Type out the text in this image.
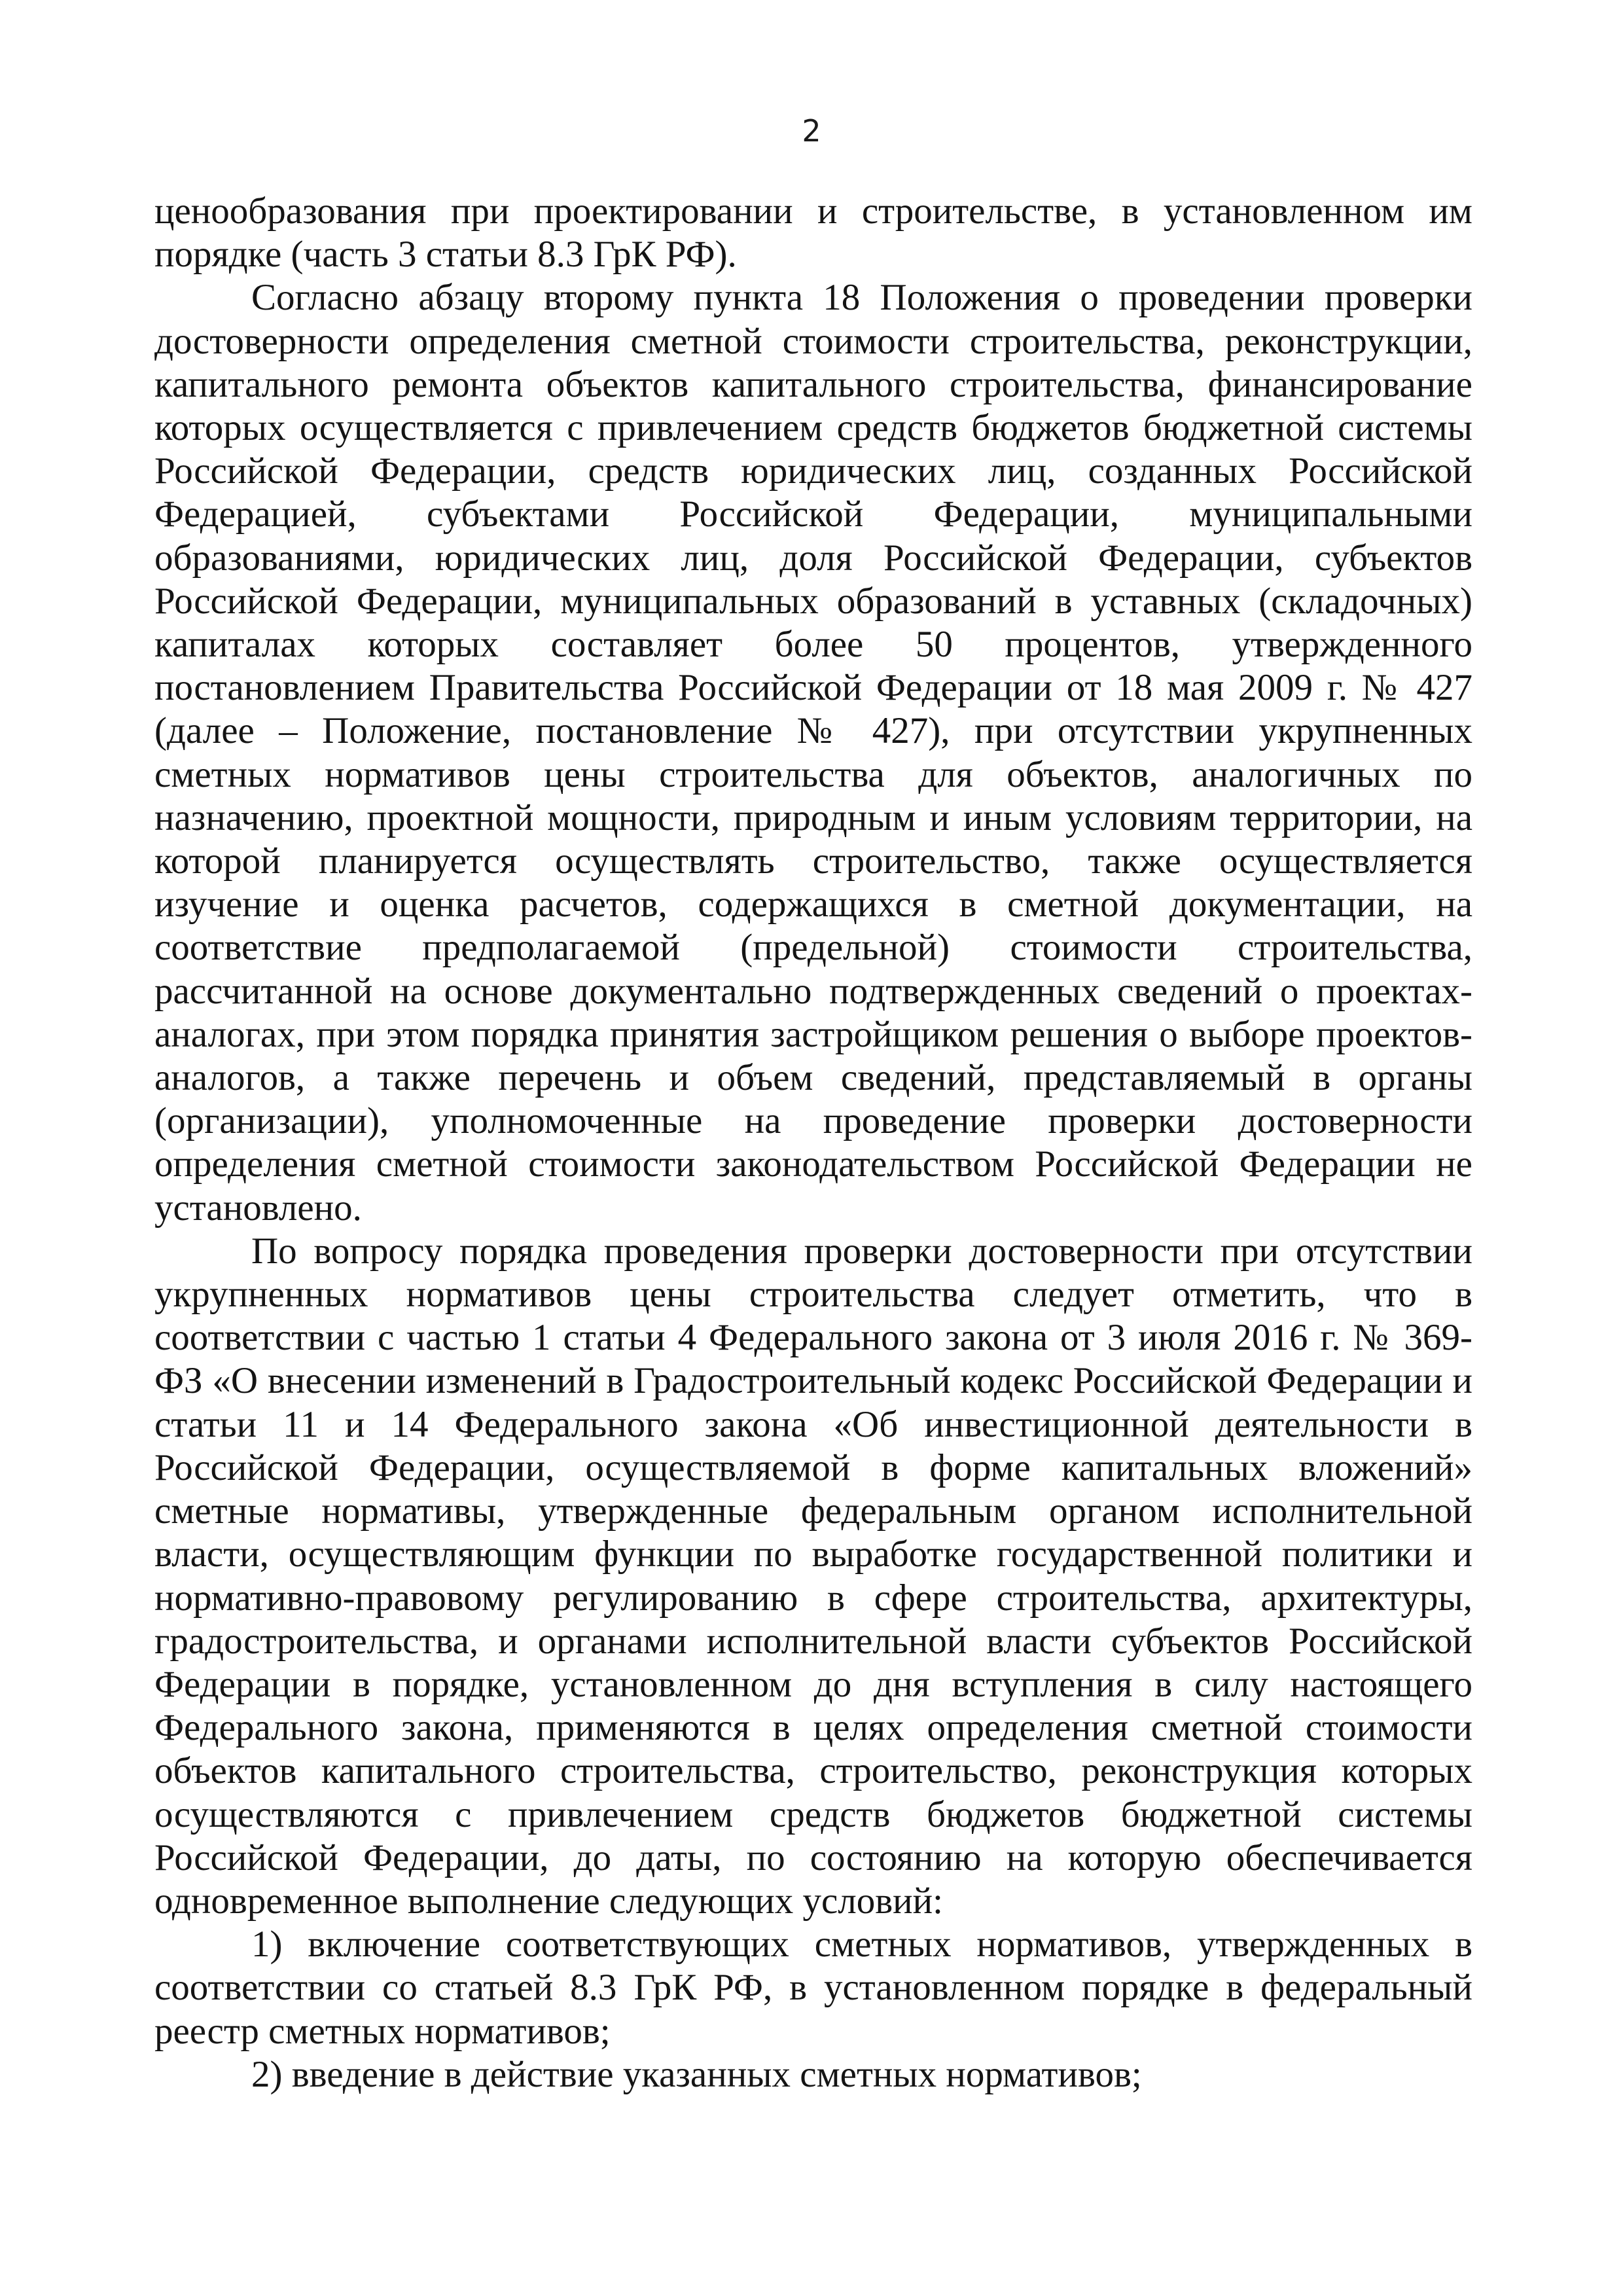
2

ценообразования при проектировании и строительстве, в установленном им порядке (часть 3 статьи 8.3 ГрК РФ).

Согласно абзацу второму пункта 18 Положения о проведении проверки достоверности определения сметной стоимости строительства, реконструкции, капитального ремонта объектов капитального строительства, финансирование которых осуществляется с привлечением средств бюджетов бюджетной системы Российской Федерации, средств юридических лиц, созданных Российской Федерацией, субъектами Российской Федерации, муниципальными образованиями, юридических лиц, доля Российской Федерации, субъектов Российской Федерации, муниципальных образований в уставных (складочных) капиталах которых составляет более 50 процентов, утвержденного постановлением Правительства Российской Федерации от 18 мая 2009 г. № 427 (далее – Положение, постановление № 427), при отсутствии укрупненных сметных нормативов цены строительства для объектов, аналогичных по назначению, проектной мощности, природным и иным условиям территории, на которой планируется осуществлять строительство, также осуществляется изучение и оценка расчетов, содержащихся в сметной документации, на соответствие предполагаемой (предельной) стоимости строительства, рассчитанной на основе документально подтвержденных сведений о проектах-аналогах, при этом порядка принятия застройщиком решения о выборе проектов-аналогов, а также перечень и объем сведений, представляемый в органы (организации), уполномоченные на проведение проверки достоверности определения сметной стоимости законодательством Российской Федерации не установлено.

По вопросу порядка проведения проверки достоверности при отсутствии укрупненных нормативов цены строительства следует отметить, что в соответствии с частью 1 статьи 4 Федерального закона от 3 июля 2016 г. № 369-ФЗ «О внесении изменений в Градостроительный кодекс Российской Федерации и статьи 11 и 14 Федерального закона «Об инвестиционной деятельности в Российской Федерации, осуществляемой в форме капитальных вложений» сметные нормативы, утвержденные федеральным органом исполнительной власти, осуществляющим функции по выработке государственной политики и нормативно-правовому регулированию в сфере строительства, архитектуры, градостроительства, и органами исполнительной власти субъектов Российской Федерации в порядке, установленном до дня вступления в силу настоящего Федерального закона, применяются в целях определения сметной стоимости объектов капитального строительства, строительство, реконструкция которых осуществляются с привлечением средств бюджетов бюджетной системы Российской Федерации, до даты, по состоянию на которую обеспечивается одновременное выполнение следующих условий:

1) включение соответствующих сметных нормативов, утвержденных в соответствии со статьей 8.3 ГрК РФ, в установленном порядке в федеральный реестр сметных нормативов;

2) введение в действие указанных сметных нормативов;
